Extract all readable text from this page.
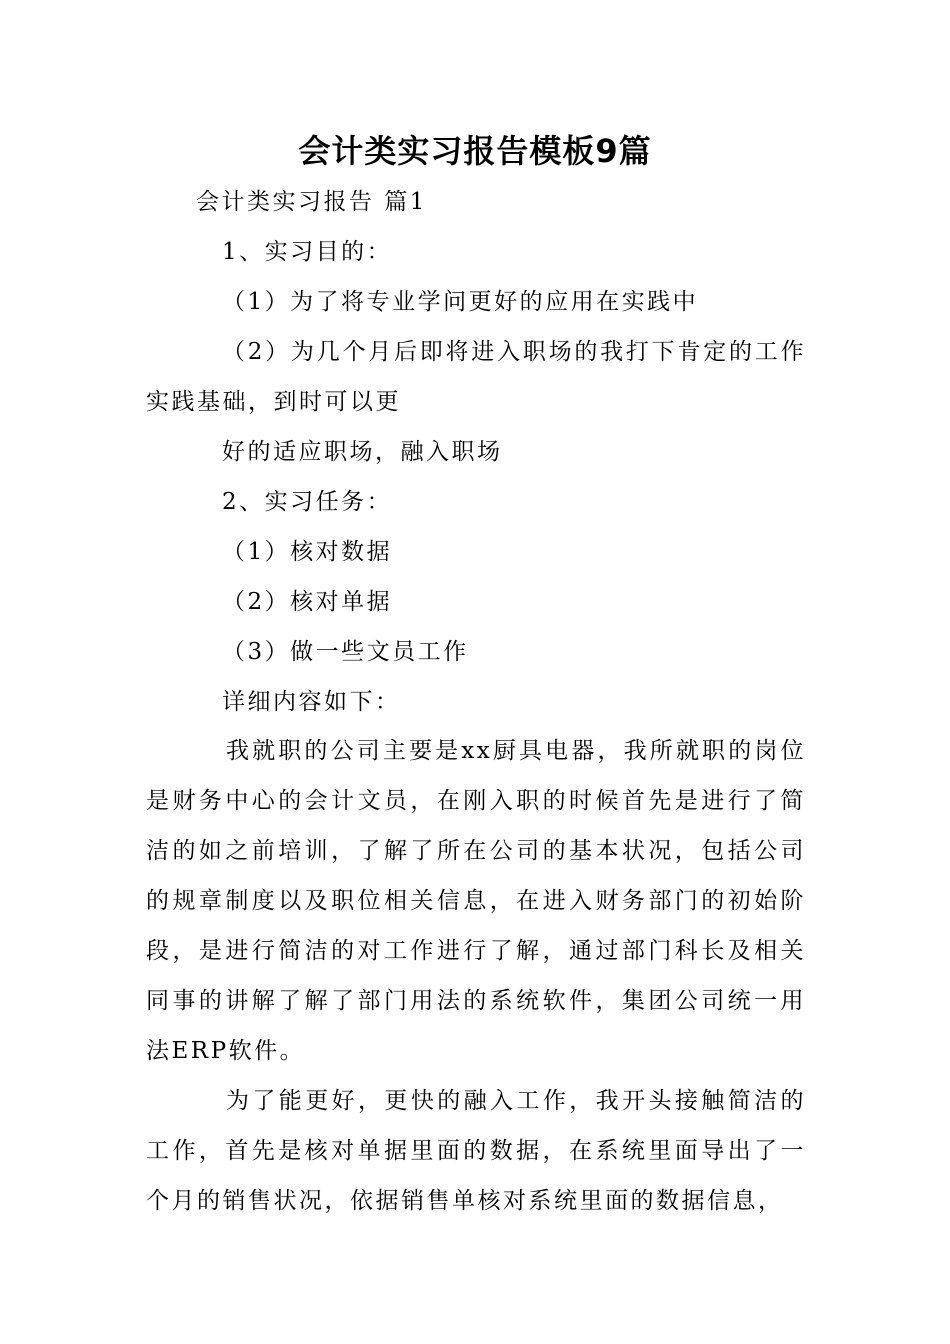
会计类实习报告模板9篇
会计类实习报告 篇1
1、实习目的：
（1）为了将专业学问更好的应用在实践中
（2）为几个月后即将进入职场的我打下肯定的工作实践基础，到时可以更
好的适应职场，融入职场
2、实习任务：
（1）核对数据
（2）核对单据
（3）做一些文员工作
详细内容如下：
我就职的公司主要是xx厨具电器，我所就职的岗位是财务中心的会计文员，在刚入职的时候首先是进行了简洁的如之前培训，了解了所在公司的基本状况，包括公司的规章制度以及职位相关信息，在进入财务部门的初始阶段，是进行简洁的对工作进行了解，通过部门科长及相关同事的讲解了解了部门用法的系统软件，集团公司统一用法ERP软件。
为了能更好，更快的融入工作，我开头接触简洁的工作，首先是核对单据里面的数据，在系统里面导出了一个月的销售状况，依据销售单核对系统里面的数据信息，
